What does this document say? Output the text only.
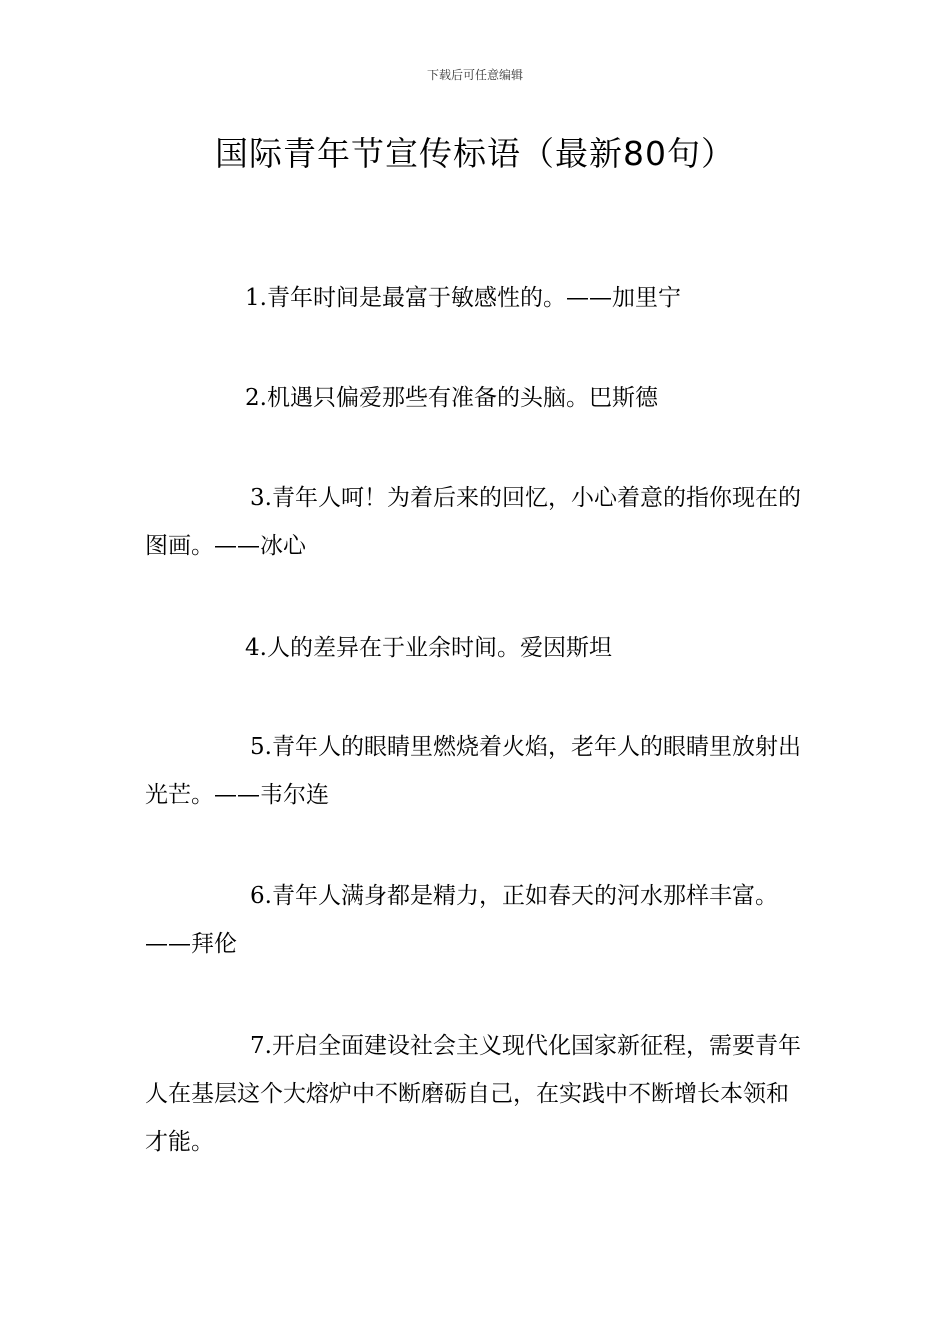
下载后可任意编辑
国际青年节宣传标语（最新80句）

1.青年时间是最富于敏感性的。——加里宁

2.机遇只偏爱那些有准备的头脑。巴斯德

3.青年人呵！为着后来的回忆，小心着意的指你现在的图画。——冰心

4.人的差异在于业余时间。爱因斯坦

5.青年人的眼睛里燃烧着火焰，老年人的眼睛里放射出光芒。——韦尔连

6.青年人满身都是精力，正如春天的河水那样丰富。——拜伦

7.开启全面建设社会主义现代化国家新征程，需要青年人在基层这个大熔炉中不断磨砺自己，在实践中不断增长本领和才能。
